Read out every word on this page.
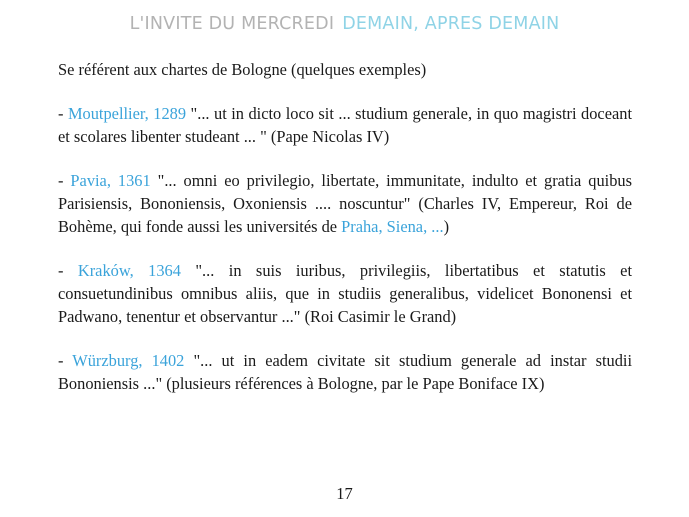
L'INVITE DU MERCREDI DEMAIN, APRES DEMAIN

Se référent aux chartes de Bologne (quelques exemples)

- Moutpellier, 1289 "... ut in dicto loco sit ... studium generale, in quo magistri doceant et scolares libenter studeant ... " (Pape Nicolas IV)

- Pavia, 1361 "... omni eo privilegio, libertate, immunitate, indulto et gratia quibus Parisiensis, Bononiensis, Oxoniensis .... noscuntur" (Charles IV, Empereur, Roi de Bohème, qui fonde aussi les universités de Praha, Siena, ...)

- Kraków, 1364 "... in suis iuribus, privilegiis, libertatibus et statutis et consuetundinibus omnibus aliis, que in studiis generalibus, videlicet Bononensi et Padwano, tenentur et observantur ..." (Roi Casimir le Grand)

- Würzburg, 1402 "... ut in eadem civitate sit studium generale ad instar studii Bononiensis ..." (plusieurs références à Bologne, par le Pape Boniface IX)

17
